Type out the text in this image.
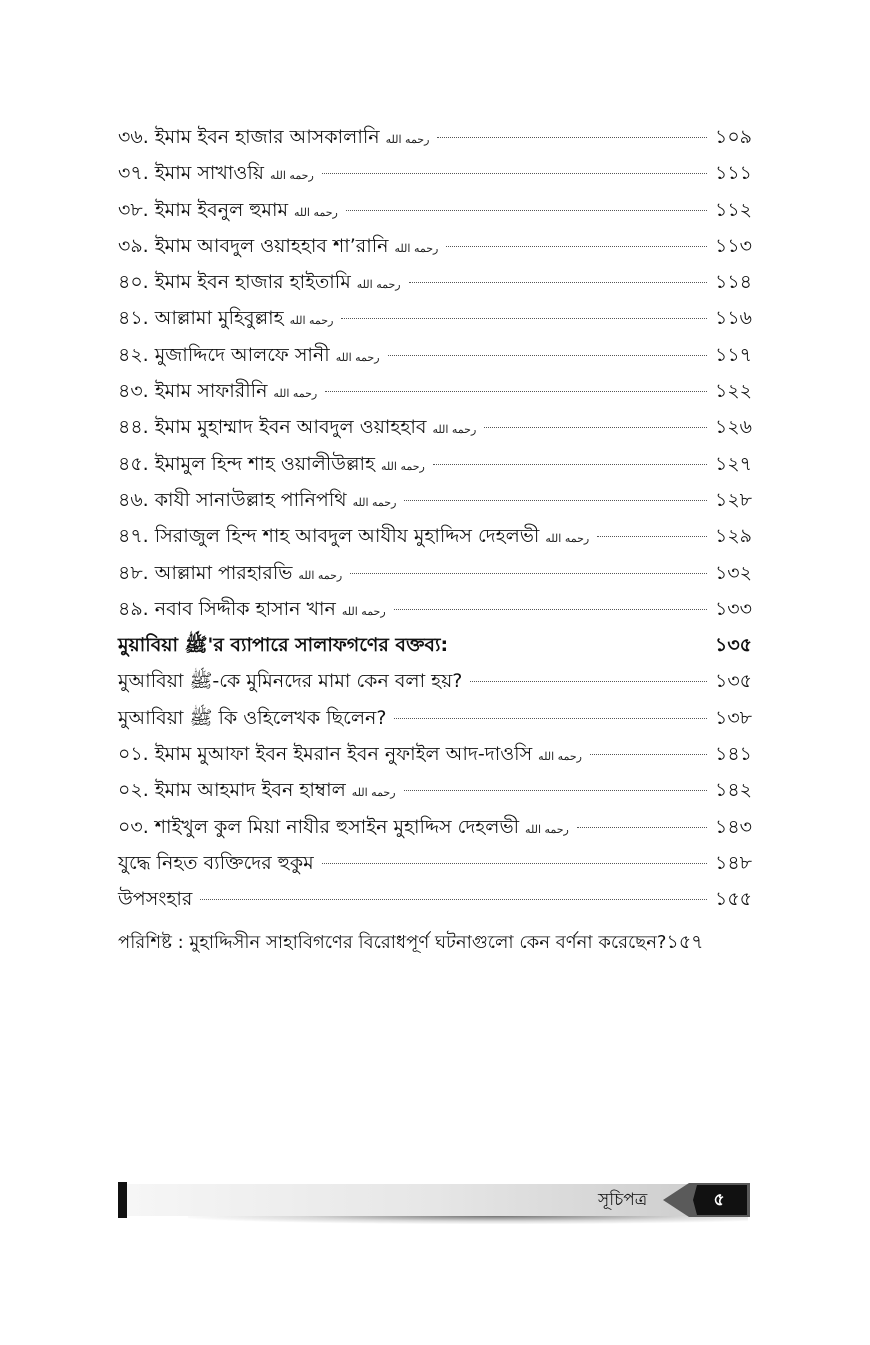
৩৬. ইমাম ইবন হাজার আসকালানি رحمه الله	১০৯
৩৭. ইমাম সাখাওয়ি رحمه الله	১১১
৩৮. ইমাম ইবনুল হুমাম رحمه الله	১১২
৩৯. ইমাম আবদুল ওয়াহহাব শা’রানি رحمه الله	১১৩
৪০. ইমাম ইবন হাজার হাইতামি رحمه الله	১১৪
৪১. আল্লামা মুহিবুল্লাহ رحمه الله	১১৬
৪২. মুজাদ্দিদে আলফে সানী رحمه الله	১১৭
৪৩. ইমাম সাফারীনি رحمه الله	১২২
৪৪. ইমাম মুহাম্মাদ ইবন আবদুল ওয়াহহাব رحمه الله	১২৬
৪৫. ইমামুল হিন্দ শাহ ওয়ালীউল্লাহ رحمه الله	১২৭
৪৬. কাযী সানাউল্লাহ পানিপথি رحمه الله	১২৮
৪৭. সিরাজুল হিন্দ শাহ আবদুল আযীয মুহাদ্দিস দেহলভী رحمه الله	১২৯
৪৮. আল্লামা পারহারভি رحمه الله	১৩২
৪৯. নবাব সিদ্দীক হাসান খান رحمه الله	১৩৩
মুয়াবিয়া ﷺ'র ব্যাপারে সালাফগণের বক্তব্য:	১৩৫
মুআবিয়া ﷺ-কে মুমিনদের মামা কেন বলা হয়?	১৩৫
মুআবিয়া ﷺ কি ওহিলেখক ছিলেন?	১৩৮
০১. ইমাম মুআফা ইবন ইমরান ইবন নুফাইল আদ-দাওসি رحمه الله	১৪১
০২. ইমাম আহমাদ ইবন হাম্বাল رحمه الله	১৪২
০৩. শাইখুল কুল মিয়া নাযীর হুসাইন মুহাদ্দিস দেহলভী رحمه الله	১৪৩
যুদ্ধে নিহত ব্যক্তিদের হুকুম	১৪৮
উপসংহার	১৫৫
পরিশিষ্ট : মুহাদ্দিসীন সাহাবিগণের বিরোধপূর্ণ ঘটনাগুলো কেন বর্ণনা করেছেন? ১৫৭
সূচিপত্র	৫
